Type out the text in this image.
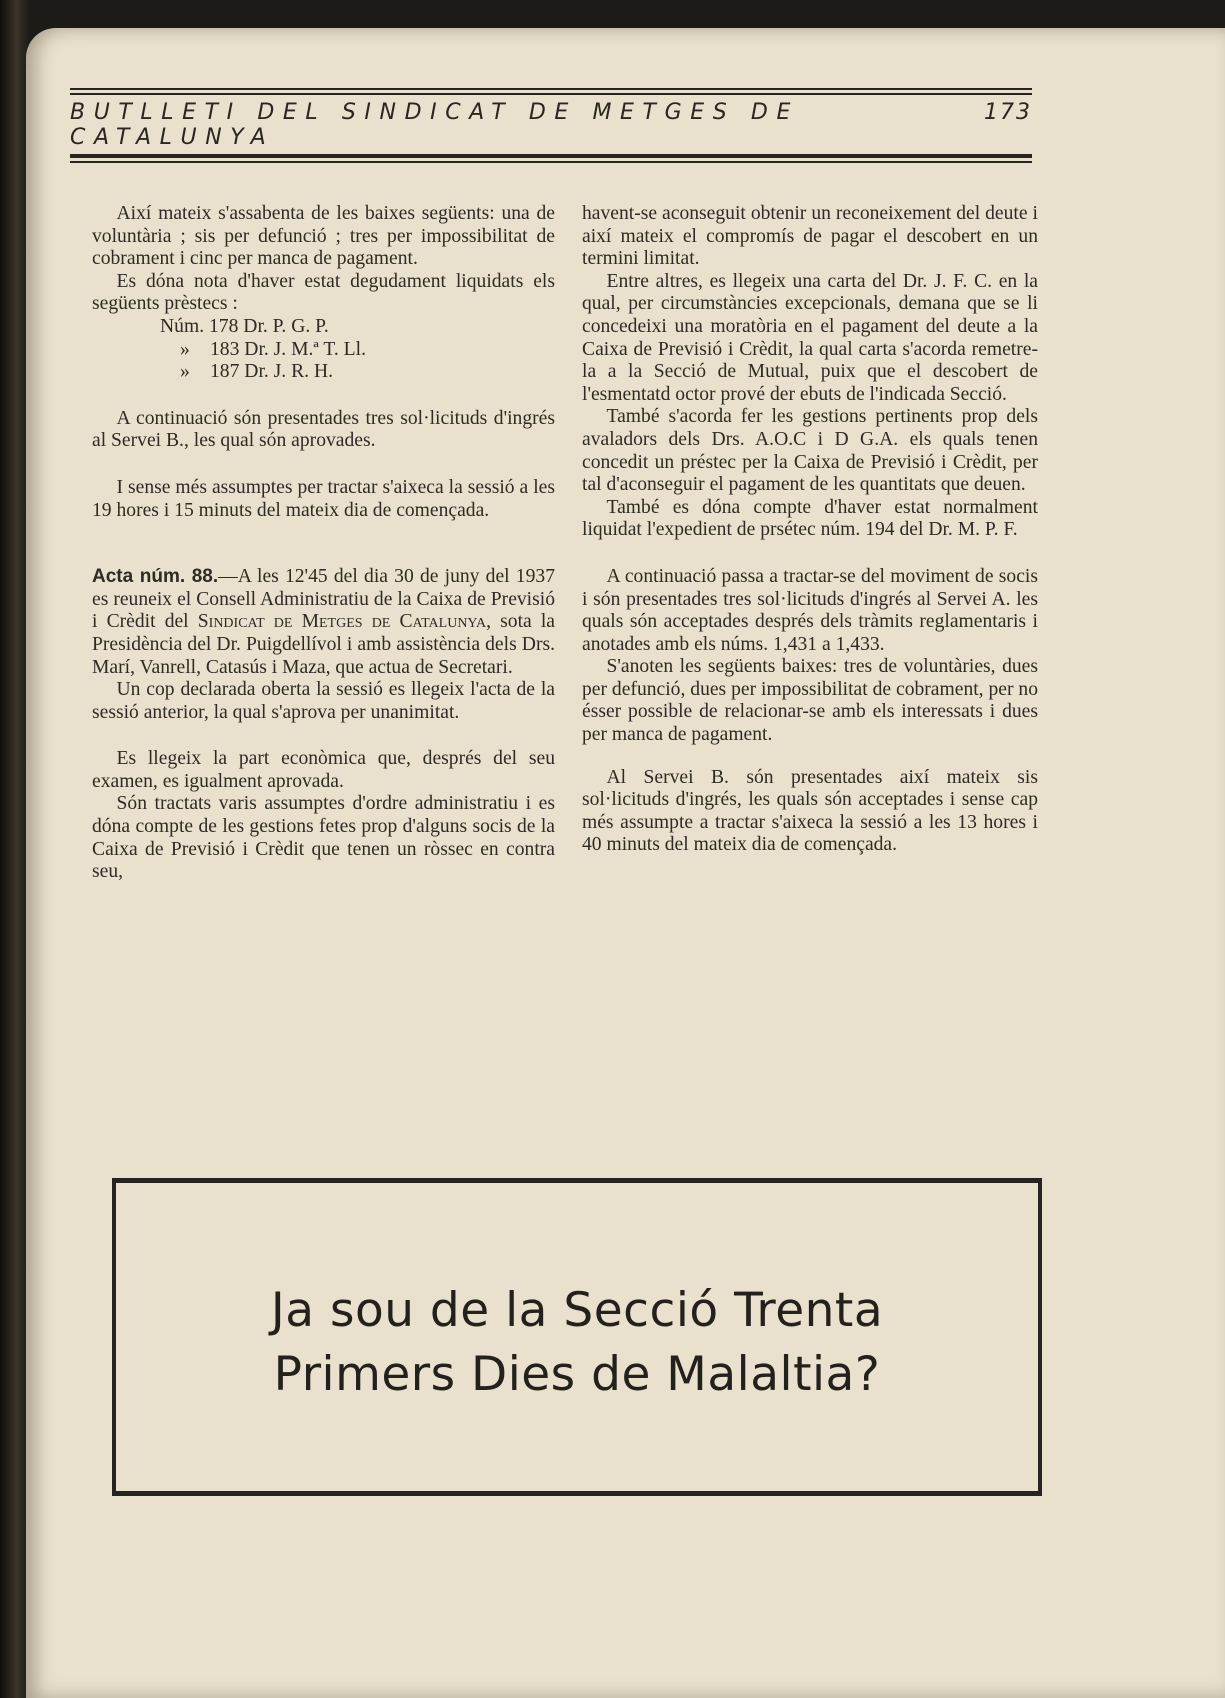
BUTLLETI DEL SINDICAT DE METGES DE CATALUNYA
173

Així mateix s'assabenta de les baixes següents: una de voluntària ; sis per defunció ; tres per impossibilitat de cobrament i cinc per manca de pagament.

Es dóna nota d'haver estat degudament liquidats els següents prèstecs :

Núm. 178 Dr. P. G. P.
» 183 Dr. J. M.ª T. Ll.
» 187 Dr. J. R. H.

A continuació són presentades tres sol·licituds d'ingrés al Servei B., les qual són aprovades.

I sense més assumptes per tractar s'aixeca la sessió a les 19 hores i 15 minuts del mateix dia de començada.

Acta núm. 88.—A les 12'45 del dia 30 de juny del 1937 es reuneix el Consell Administratiu de la Caixa de Previsió i Crèdit del Sindicat de Metges de Catalunya, sota la Presidència del Dr. Puigdellívol i amb assistència dels Drs. Marí, Vanrell, Catasús i Maza, que actua de Secretari.

Un cop declarada oberta la sessió es llegeix l'acta de la sessió anterior, la qual s'aprova per unanimitat.

Es llegeix la part econòmica que, després del seu examen, es igualment aprovada.

Són tractats varis assumptes d'ordre administratiu i es dóna compte de les gestions fetes prop d'alguns socis de la Caixa de Previsió i Crèdit que tenen un ròssec en contra seu,

havent-se aconseguit obtenir un reconeixement del deute i així mateix el compromís de pagar el descobert en un termini limitat.

Entre altres, es llegeix una carta del Dr. J. F. C. en la qual, per circumstàncies excepcionals, demana que se li concedeixi una moratòria en el pagament del deute a la Caixa de Previsió i Crèdit, la qual carta s'acorda remetre-la a la Secció de Mutual, puix que el descobert de l'esmentatd octor prové der ebuts de l'indicada Secció.

També s'acorda fer les gestions pertinents prop dels avaladors dels Drs. A.O.C i D G.A. els quals tenen concedit un préstec per la Caixa de Previsió i Crèdit, per tal d'aconseguir el pagament de les quantitats que deuen.

També es dóna compte d'haver estat normalment liquidat l'expedient de prsétec núm. 194 del Dr. M. P. F.

A continuació passa a tractar-se del moviment de socis i són presentades tres sol·licituds d'ingrés al Servei A. les quals són acceptades després dels tràmits reglamentaris i anotades amb els núms. 1,431 a 1,433.

S'anoten les següents baixes: tres de voluntàries, dues per defunció, dues per impossibilitat de cobrament, per no ésser possible de relacionar-se amb els interessats i dues per manca de pagament.

Al Servei B. són presentades així mateix sis sol·licituds d'ingrés, les quals són acceptades i sense cap més assumpte a tractar s'aixeca la sessió a les 13 hores i 40 minuts del mateix dia de començada.

Ja sou de la Secció Trenta
Primers Dies de Malaltia?
